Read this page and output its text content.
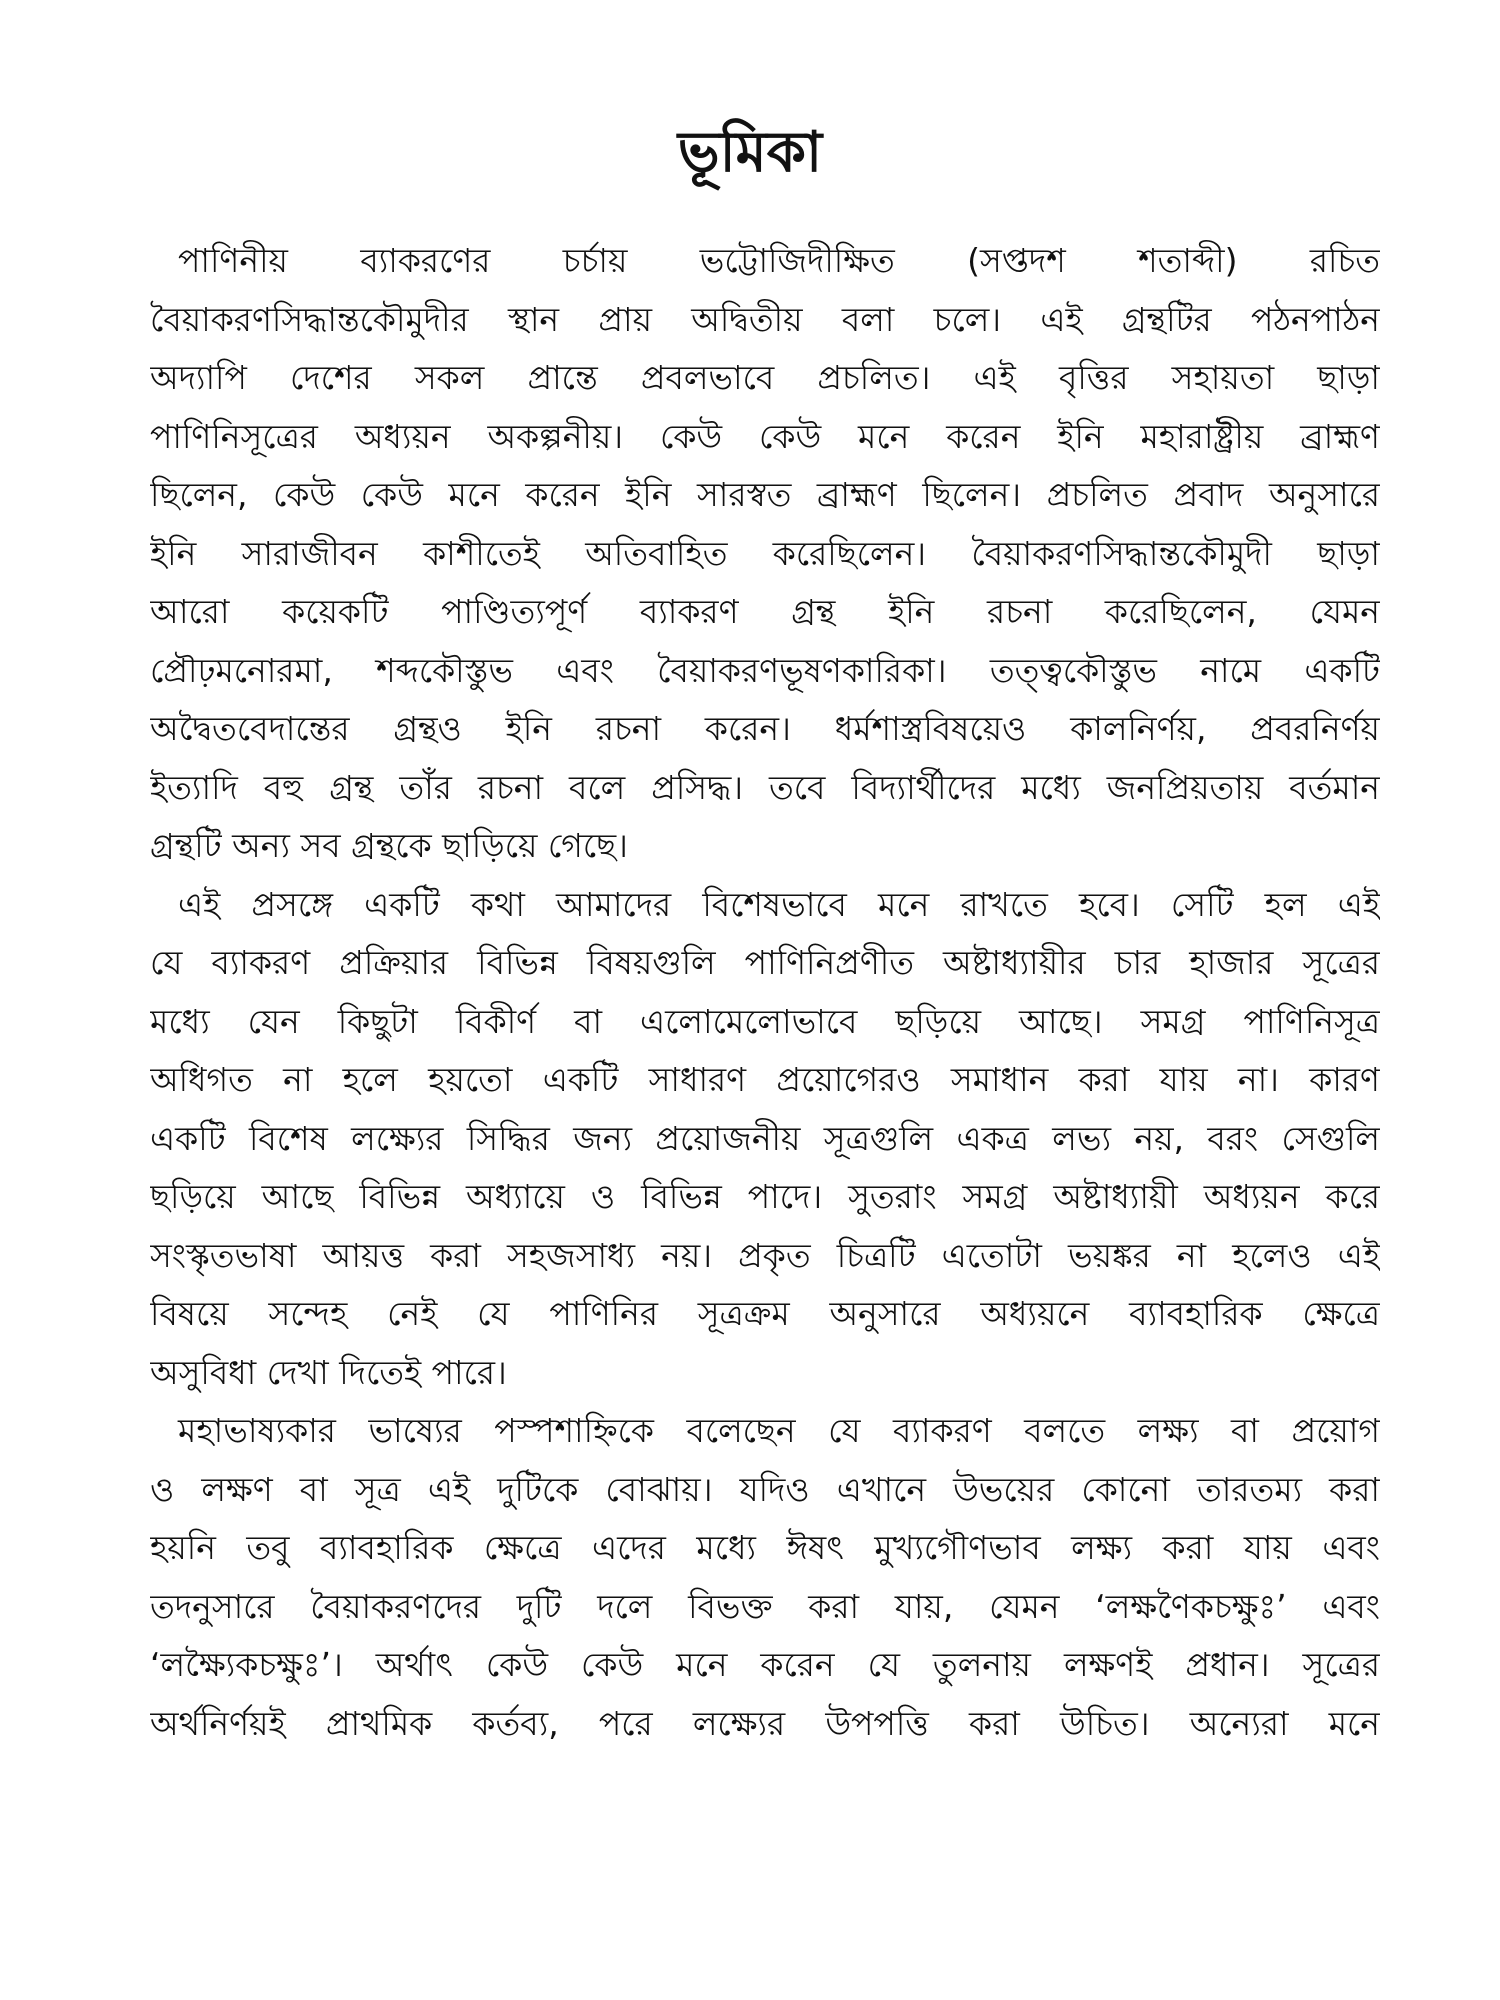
ভূমিকা
পাণিনীয় ব্যাকরণের চর্চায় ভট্টোজিদীক্ষিত (সপ্তদশ শতাব্দী) রচিত
বৈয়াকরণসিদ্ধান্তকৌমুদীর স্থান প্রায় অদ্বিতীয় বলা চলে। এই গ্রন্থটির পঠনপাঠন
অদ্যাপি দেশের সকল প্রান্তে প্রবলভাবে প্রচলিত। এই বৃত্তির সহায়তা ছাড়া
পাণিনিসূত্রের অধ্যয়ন অকল্পনীয়। কেউ কেউ মনে করেন ইনি মহারাষ্ট্রীয় ব্রাহ্মণ
ছিলেন, কেউ কেউ মনে করেন ইনি সারস্বত ব্রাহ্মণ ছিলেন। প্রচলিত প্রবাদ অনুসারে
ইনি সারাজীবন কাশীতেই অতিবাহিত করেছিলেন। বৈয়াকরণসিদ্ধান্তকৌমুদী ছাড়া
আরো কয়েকটি পাণ্ডিত্যপূর্ণ ব্যাকরণ গ্রন্থ ইনি রচনা করেছিলেন, যেমন
প্রৌঢ়মনোরমা, শব্দকৌস্তুভ এবং বৈয়াকরণভূষণকারিকা। তত্ত্বকৌস্তুভ নামে একটি
অদ্বৈতবেদান্তের গ্রন্থও ইনি রচনা করেন। ধর্মশাস্ত্রবিষয়েও কালনির্ণয়, প্রবরনির্ণয়
ইত্যাদি বহু গ্রন্থ তাঁর রচনা বলে প্রসিদ্ধ। তবে বিদ্যার্থীদের মধ্যে জনপ্রিয়তায় বর্তমান
গ্রন্থটি অন্য সব গ্রন্থকে ছাড়িয়ে গেছে।
এই প্রসঙ্গে একটি কথা আমাদের বিশেষভাবে মনে রাখতে হবে। সেটি হল এই
যে ব্যাকরণ প্রক্রিয়ার বিভিন্ন বিষয়গুলি পাণিনিপ্রণীত অষ্টাধ্যায়ীর চার হাজার সূত্রের
মধ্যে যেন কিছুটা বিকীর্ণ বা এলোমেলোভাবে ছড়িয়ে আছে। সমগ্র পাণিনিসূত্র
অধিগত না হলে হয়তো একটি সাধারণ প্রয়োগেরও সমাধান করা যায় না। কারণ
একটি বিশেষ লক্ষ্যের সিদ্ধির জন্য প্রয়োজনীয় সূত্রগুলি একত্র লভ্য নয়, বরং সেগুলি
ছড়িয়ে আছে বিভিন্ন অধ্যায়ে ও বিভিন্ন পাদে। সুতরাং সমগ্র অষ্টাধ্যায়ী অধ্যয়ন করে
সংস্কৃতভাষা আয়ত্ত করা সহজসাধ্য নয়। প্রকৃত চিত্রটি এতোটা ভয়ঙ্কর না হলেও এই
বিষয়ে সন্দেহ নেই যে পাণিনির সূত্রক্রম অনুসারে অধ্যয়নে ব্যাবহারিক ক্ষেত্রে
অসুবিধা দেখা দিতেই পারে।
মহাভাষ্যকার ভাষ্যের পস্পশাহ্নিকে বলেছেন যে ব্যাকরণ বলতে লক্ষ্য বা প্রয়োগ
ও লক্ষণ বা সূত্র এই দুটিকে বোঝায়। যদিও এখানে উভয়ের কোনো তারতম্য করা
হয়নি তবু ব্যাবহারিক ক্ষেত্রে এদের মধ্যে ঈষৎ মুখ্যগৌণভাব লক্ষ্য করা যায় এবং
তদনুসারে বৈয়াকরণদের দুটি দলে বিভক্ত করা যায়, যেমন ‘লক্ষণৈকচক্ষুঃ’ এবং
‘লক্ষ্যৈকচক্ষুঃ’। অর্থাৎ কেউ কেউ মনে করেন যে তুলনায় লক্ষণই প্রধান। সূত্রের
অর্থনির্ণয়ই প্রাথমিক কর্তব্য, পরে লক্ষ্যের উপপত্তি করা উচিত। অন্যেরা মনে
